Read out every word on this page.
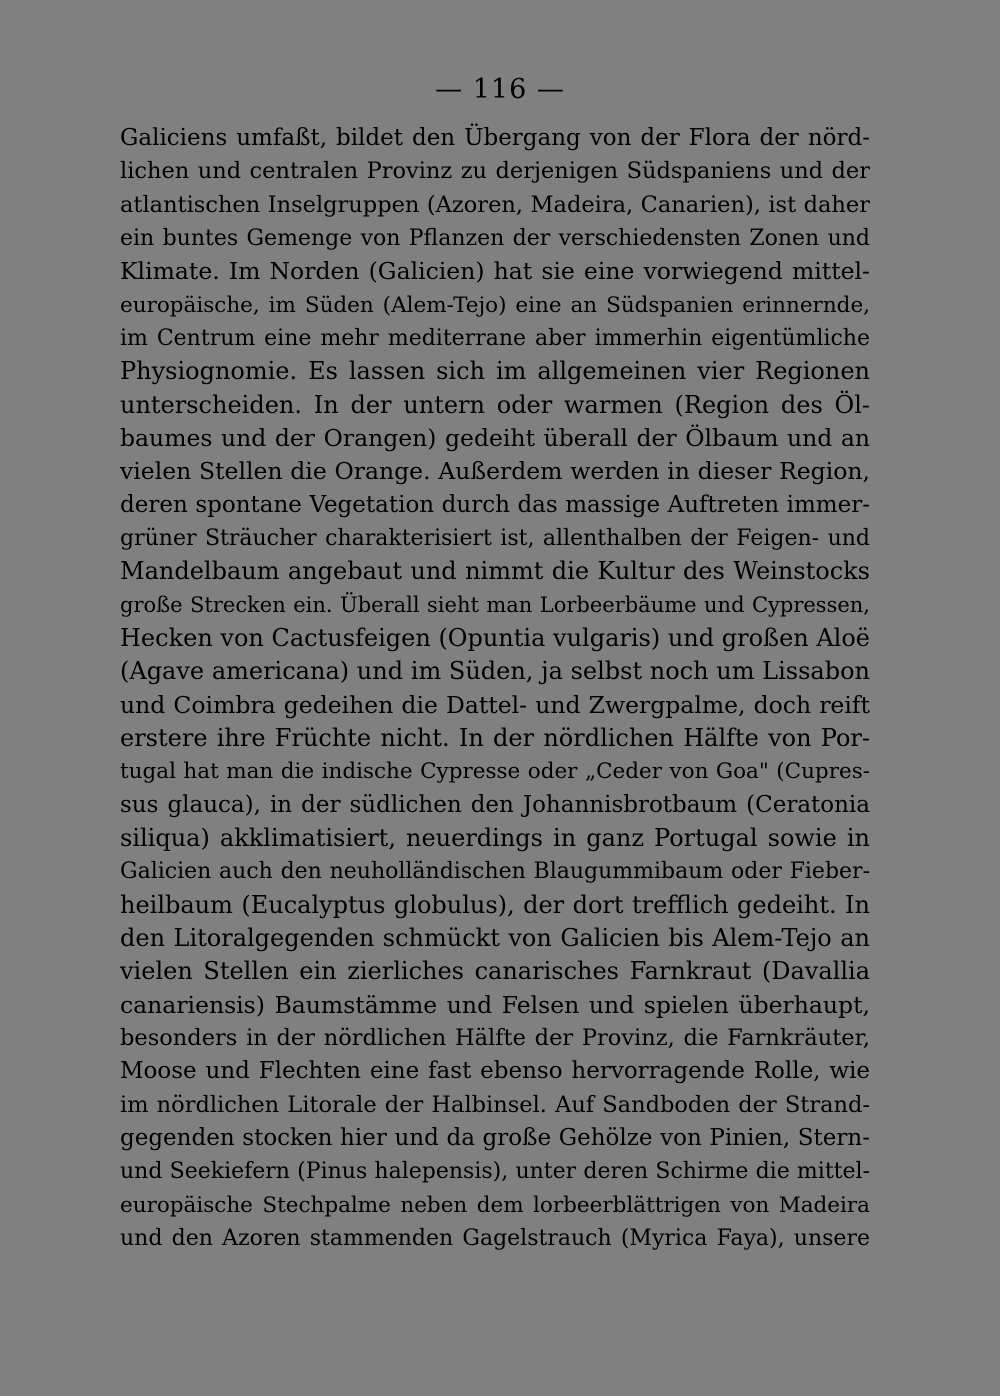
— 116 —
Galiciens umfaßt, bildet den Übergang von der Flora der nörd-
lichen und centralen Provinz zu derjenigen Südspaniens und der
atlantischen Inselgruppen (Azoren, Madeira, Canarien), ist daher
ein buntes Gemenge von Pflanzen der verschiedensten Zonen und
Klimate. Im Norden (Galicien) hat sie eine vorwiegend mittel-
europäische, im Süden (Alem-Tejo) eine an Südspanien erinnernde,
im Centrum eine mehr mediterrane aber immerhin eigentümliche
Physiognomie. Es lassen sich im allgemeinen vier Regionen
unterscheiden. In der untern oder warmen (Region des Öl-
baumes und der Orangen) gedeiht überall der Ölbaum und an
vielen Stellen die Orange. Außerdem werden in dieser Region,
deren spontane Vegetation durch das massige Auftreten immer-
grüner Sträucher charakterisiert ist, allenthalben der Feigen- und
Mandelbaum angebaut und nimmt die Kultur des Weinstocks
große Strecken ein. Überall sieht man Lorbeerbäume und Cypressen,
Hecken von Cactusfeigen (Opuntia vulgaris) und großen Aloë
(Agave americana) und im Süden, ja selbst noch um Lissabon
und Coimbra gedeihen die Dattel- und Zwergpalme, doch reift
erstere ihre Früchte nicht. In der nördlichen Hälfte von Por-
tugal hat man die indische Cypresse oder „Ceder von Goa" (Cupres-
sus glauca), in der südlichen den Johannisbrotbaum (Ceratonia
siliqua) akklimatisiert, neuerdings in ganz Portugal sowie in
Galicien auch den neuholländischen Blaugummibaum oder Fieber-
heilbaum (Eucalyptus globulus), der dort trefflich gedeiht. In
den Litoralgegenden schmückt von Galicien bis Alem-Tejo an
vielen Stellen ein zierliches canarisches Farnkraut (Davallia
canariensis) Baumstämme und Felsen und spielen überhaupt,
besonders in der nördlichen Hälfte der Provinz, die Farnkräuter,
Moose und Flechten eine fast ebenso hervorragende Rolle, wie
im nördlichen Litorale der Halbinsel. Auf Sandboden der Strand-
gegenden stocken hier und da große Gehölze von Pinien, Stern-
und Seekiefern (Pinus halepensis), unter deren Schirme die mittel-
europäische Stechpalme neben dem lorbeerblättrigen von Madeira
und den Azoren stammenden Gagelstrauch (Myrica Faya), unsere
